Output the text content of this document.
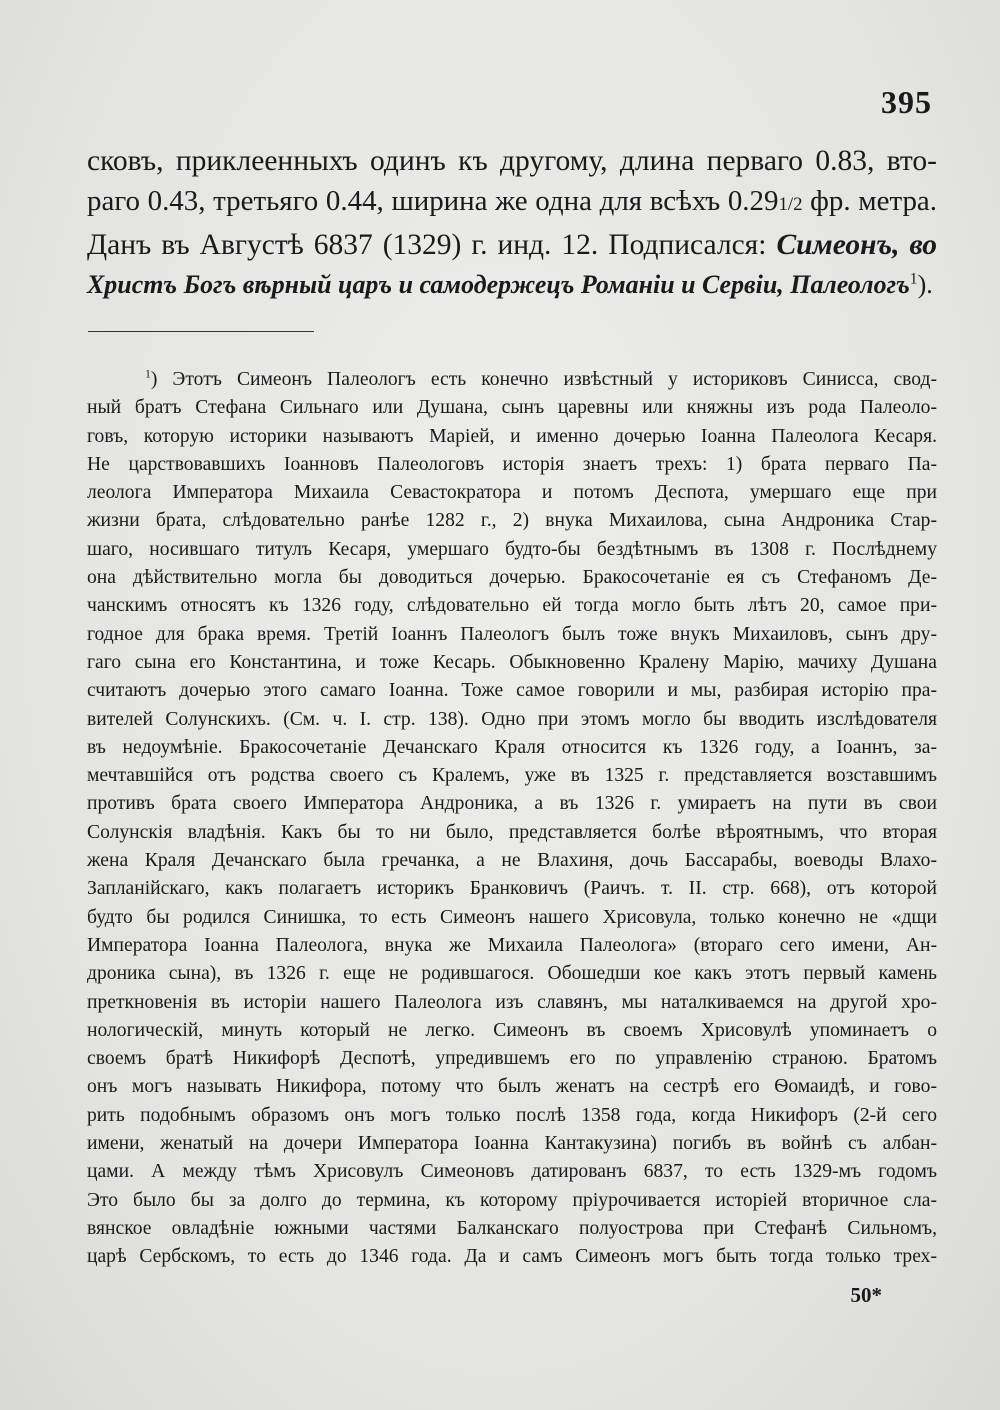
395
сковъ, приклеенныхъ одинъ къ другому, длина перваго 0.83, вто-
раго 0.43, третьяго 0.44, ширина же одна для всѣхъ 0.291/2 фр. метра.
Данъ въ Августѣ 6837 (1329) г. инд. 12. Подписался: Симеонъ, во
Христъ Богъ вѣрный царъ и самодержецъ Романіи и Сервіи, Палеологъ$^1$).
$^1$) Этотъ Симеонъ Палеологъ есть конечно извѣстный у историковъ Синисса, свод-
ный братъ Стефана Сильнаго или Душана, сынъ царевны или княжны изъ рода Палеоло-
говъ, которую историки называютъ Маріей, и именно дочерью Іоанна Палеолога Кесаря.
Не царствовавшихъ Іоанновъ Палеологовъ исторія знаетъ трехъ: 1) брата перваго Па-
леолога Императора Михаила Севастократора и потомъ Деспота, умершаго еще при
жизни брата, слѣдовательно ранѣе 1282 г., 2) внука Михаилова, сына Андроника Стар-
шаго, носившаго титулъ Кесаря, умершаго будто-бы бездѣтнымъ въ 1308 г. Послѣднему
она дѣйствительно могла бы доводиться дочерью. Бракосочетаніе ея съ Стефаномъ Де-
чанскимъ относятъ къ 1326 году, слѣдовательно ей тогда могло быть лѣтъ 20, самое при-
годное для брака время. Третій Іоаннъ Палеологъ былъ тоже внукъ Михаиловъ, сынъ дру-
гаго сына его Константина, и тоже Кесарь. Обыкновенно Кралену Марію, мачиху Душана
считаютъ дочерью этого самаго Іоанна. Тоже самое говорили и мы, разбирая исторію пра-
вителей Солунскихъ. (См. ч. I. стр. 138). Одно при этомъ могло бы вводить изслѣдователя
въ недоумѣніе. Бракосочетаніе Дечанскаго Краля относится къ 1326 году, а Іоаннъ, за-
мечтавшійся отъ родства своего съ Кралемъ, уже въ 1325 г. представляется возставшимъ
противъ брата своего Императора Андроника, а въ 1326 г. умираетъ на пути въ свои
Солунскія владѣнія. Какъ бы то ни было, представляется болѣе вѣроятнымъ, что вторая
жена Краля Дечанскаго была гречанка, а не Влахиня, дочь Бассарабы, воеводы Влахо-
Запланійскаго, какъ полагаетъ историкъ Бранковичъ (Раичъ. т. II. стр. 668), отъ которой
будто бы родился Синишка, то есть Симеонъ нашего Хрисовула, только конечно не «дщи
Императора Іоанна Палеолога, внука же Михаила Палеолога» (втораго сего имени, Ан-
дроника сына), въ 1326 г. еще не родившагося. Обошедши кое какъ этотъ первый камень
преткновенія въ исторіи нашего Палеолога изъ славянъ, мы наталкиваемся на другой хро-
нологическій, минуть который не легко. Симеонъ въ своемъ Хрисовулѣ упоминаетъ о
своемъ братѣ Никифорѣ Деспотѣ, упредившемъ его по управленію страною. Братомъ
онъ могъ называть Никифора, потому что былъ женатъ на сестрѣ его Ѳомаидѣ, и гово-
рить подобнымъ образомъ онъ могъ только послѣ 1358 года, когда Никифоръ (2-й сего
имени, женатый на дочери Императора Іоанна Кантакузина) погибъ въ войнѣ съ албан-
цами. А между тѣмъ Хрисовулъ Симеоновъ датированъ 6837, то есть 1329-мъ годомъ
Это было бы за долго до термина, къ которому пріурочивается исторіей вторичное сла-
вянское овладѣніе южными частями Балканскаго полуострова при Стефанѣ Сильномъ,
царѣ Сербскомъ, то есть до 1346 года. Да и самъ Симеонъ могъ быть тогда только трех-
50*
